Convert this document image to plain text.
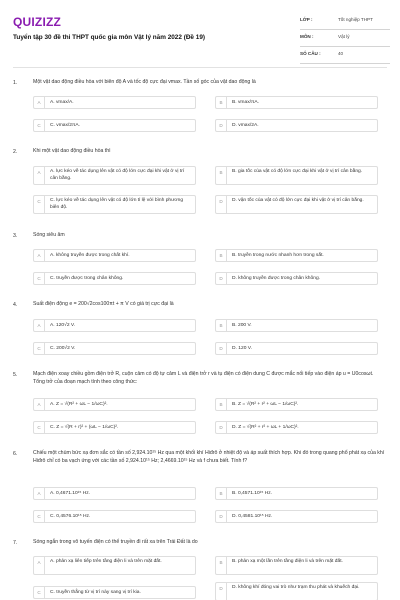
QUIZIZZ
Tuyển tập 30 đề thi THPT quốc gia môn Vật lý năm 2022 (Đề 19)
LỚP :	Tốt nghiệp THPT
MÔN :	Vật lý
SỐ CÂU :	40
1.	Một vật dao động điều hòa với biên độ A và tốc độ cực đại vmax. Tần số góc của vật dao động là
A	A. vmax/A.	B	B. vmax/πA.
C	C. vmax/2πA.	D	D. vmax/2A.
2.	Khi một vật dao động điều hòa thì
A	A. lực kéo về tác dụng lên vật có độ lớn cực đại khi vật ở vị trí cân bằng.
B	B. gia tốc của vật có độ lớn cực đại khi vật ở vị trí cân bằng.
C	C. lực kéo về tác dụng lên vật có độ lớn tỉ lệ với bình phương biên độ.
D	D. vận tốc của vật có độ lớn cực đại khi vật ở vị trí cân bằng.
3.	Sóng siêu âm
A	A. không truyền được trong chất khí.	B	B. truyền trong nước nhanh hơn trong sắt.
C	C. truyền được trong chân không.	D	D. không truyền được trong chân không.
4.	Suất điện động e = 200√2cos100πt + π V có giá trị cực đại là
A	A. 120√2 V.	B	B. 200 V.
C	C. 200√2 V.	D	D. 120 V.
5.	Mạch điện xoay chiều gồm điện trở R, cuộn cảm có độ tự cảm L và điện trở r và tụ điện có điện dung C được mắc nối tiếp vào điện áp u = U0cosωt. Tổng trở của đoạn mạch tính theo công thức:
A	A. Z = √(R² + ωL − 1/ωC)².	B	B. Z = √(R² + r² + ωL − 1/ωC)².
C	C. Z = √(R + r)² + (ωL − 1/ωC)².	D	D. Z = √(R² + r² + ωL + 1/ωC)².
6.	Chiếu một chùm bức xạ đơn sắc có tần số 2,924.10¹⁵ Hz qua một khối khí Hiđrô ở nhiệt độ và áp suất thích hợp. Khi đó trong quang phổ phát xạ của khí Hiđrô chỉ có ba vạch ứng với các tần số 2,924.10¹⁵ Hz; 2,4669.10¹⁵ Hz và f chưa biết. Tính f?
A	A. 0,4671.10¹⁵ Hz.	B	B. 0,4571.10¹⁵ Hz.
C	C. 0,4576.10¹⁵ Hz.	D	D. 0,4581.10¹⁵ Hz.
7.	Sóng ngắn trong vô tuyến điện có thể truyền đi rất xa trên Trái Đất là do
A	A. phản xạ liên tiếp trên tầng điện li và trên mặt đất.	B	B. phản xạ một lần trên tầng điện li và trên mặt đất.
C	C. truyền thẳng từ vị trí này sang vị trí kia.
D	D. không khí đóng vai trò như trạm thu phát và khuếch đại.
